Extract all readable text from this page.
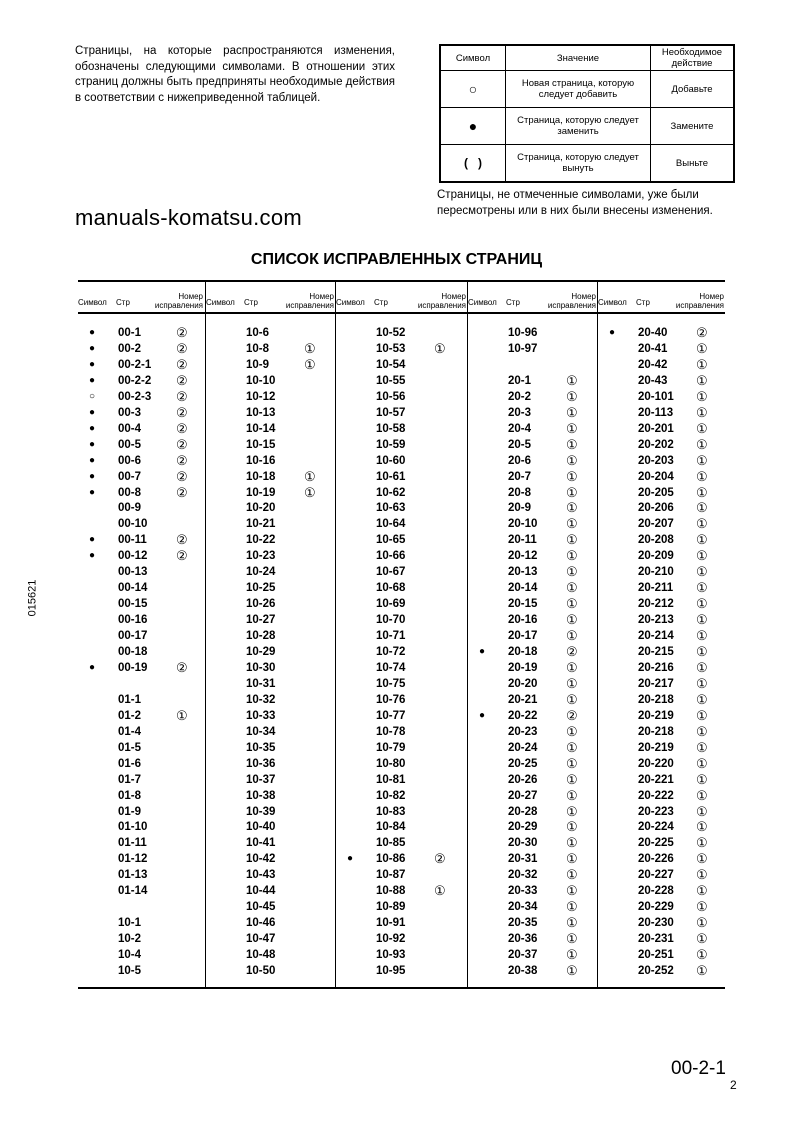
Страницы, на которые распространяются изменения, обозначены следующими символами. В отношении этих страниц должны быть предприняты необходимые действия в соответствии с нижеприведенной таблицей.
Символ	Значение	Необходимое действие
○	Новая страница, которую следует добавить	Добавьте
●	Страница, которую следует заменить	Замените
(   )	Страница, которую следует вынуть	Выньте
Страницы, не отмеченные символами, уже были пересмотрены или в них были внесены изменения.
СПИСОК ИСПРАВЛЕННЫХ СТРАНИЦ
Символ Стр
Номер исправления
● 00-1	②
● 00-2	②
● 00-2-1 ②
● 00-2-2 ②
○ 00-2-3 ②
● 00-3	②
● 00-4	②
● 00-5	②
● 00-6	②
● 00-7	②
● 00-8	②
00-9
00-10
● 00-11 ②
● 00-12 ②
00-13
00-14
00-15
00-16
00-17
00-18
● 00-19 ②
01-1
01-2	①
01-4
01-5
01-6
01-7
01-8
01-9
01-10
01-11
01-12
01-13
01-14
10-1
10-2
10-4
10-5
Символ Стр
Номер исправления
10-6
10-8	①
10-9	①
10-10
10-12
10-13
10-14
10-15
10-16
10-18 ①
10-19 ①
10-20
10-21
10-22
10-23
10-24
10-25
10-26
10-27
10-28
10-29
10-30
10-31
10-32
10-33
10-34
10-35
10-36
10-37
10-38
10-39
10-40
10-41
10-42
10-43
10-44
10-45
10-46
10-47
10-48
10-50
Символ Стр
Номер исправления
10-52
10-53 ①
10-54
10-55
10-56
10-57
10-58
10-59
10-60
10-61
10-62
10-63
10-64
10-65
10-66
10-67
10-68
10-69
10-70
10-71
10-72
10-74
10-75
10-76
10-77
10-78
10-79
10-80
10-81
10-82
10-83
10-84
10-85
● 10-86 ②
10-87
10-88 ①
10-89
10-91
10-92
10-93
10-95
Символ Стр
Номер исправления
10-96
10-97
20-1	①
20-2	①
20-3	①
20-4	①
20-5	①
20-6	①
20-7	①
20-8	①
20-9	①
20-10 ①
20-11 ①
20-12 ①
20-13 ①
20-14 ①
20-15 ①
20-16 ①
20-17 ①
● 20-18 ②
20-19 ①
20-20 ①
20-21 ①
● 20-22 ②
20-23 ①
20-24 ①
20-25 ①
20-26 ①
20-27 ①
20-28 ①
20-29 ①
20-30 ①
20-31 ①
20-32 ①
20-33 ①
20-34 ①
20-35 ①
20-36 ①
20-37 ①
20-38 ①
Символ Стр
Номер исправления
● 20-40 ②
20-41 ①
20-42 ①
20-43 ①
20-101 ①
20-113 ①
20-201 ①
20-202 ①
20-203 ①
20-204 ①
20-205 ①
20-206 ①
20-207 ①
20-208 ①
20-209 ①
20-210 ①
20-211 ①
20-212 ①
20-213 ①
20-214 ①
20-215 ①
20-216 ①
20-217 ①
20-218 ①
20-219 ①
20-218 ①
20-219 ①
20-220 ①
20-221 ①
20-222 ①
20-223 ①
20-224 ①
20-225 ①
20-226 ①
20-227 ①
20-228 ①
20-229 ①
20-230 ①
20-231 ①
20-251 ①
20-252 ①
manuals-komatsu.com
015621
00-2-1
2
